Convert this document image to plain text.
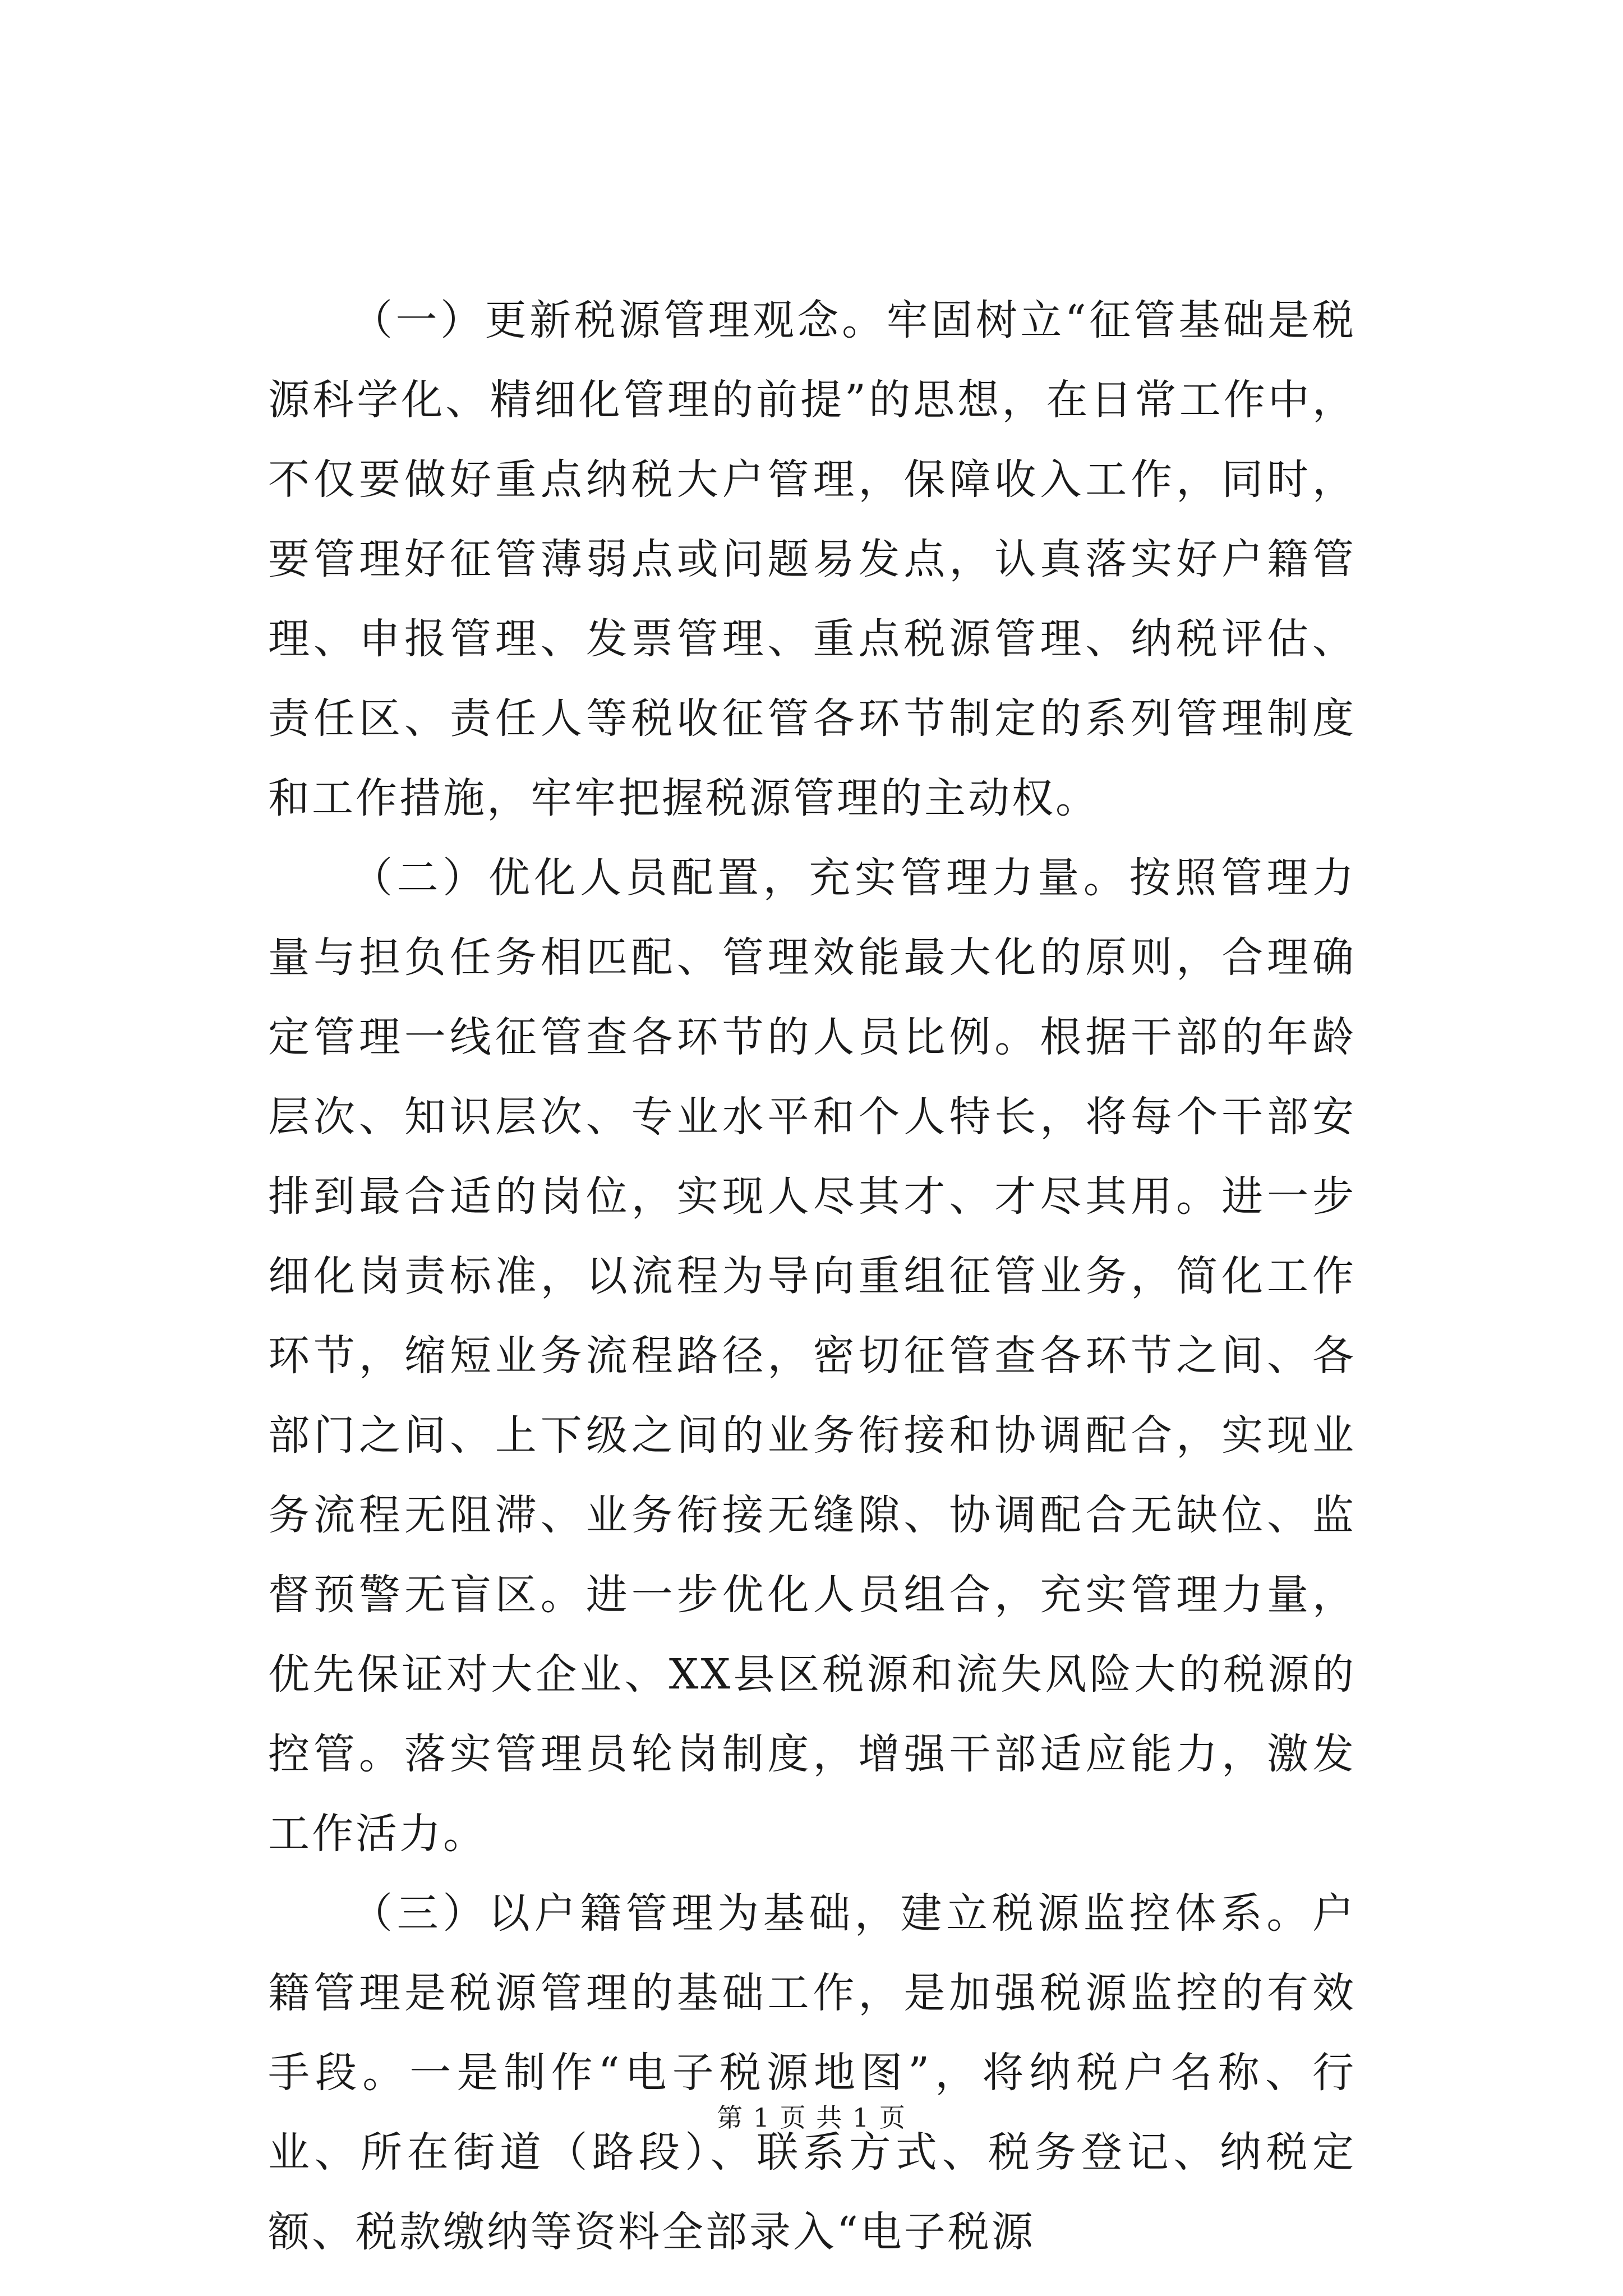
（一）更新税源管理观念。牢固树立“征管基础是税源科学化、精细化管理的前提”的思想，在日常工作中，不仅要做好重点纳税大户管理，保障收入工作，同时，要管理好征管薄弱点或问题易发点，认真落实好户籍管理、申报管理、发票管理、重点税源管理、纳税评估、责任区、责任人等税收征管各环节制定的系列管理制度和工作措施，牢牢把握税源管理的主动权。

（二）优化人员配置，充实管理力量。按照管理力量与担负任务相匹配、管理效能最大化的原则，合理确定管理一线征管查各环节的人员比例。根据干部的年龄层次、知识层次、专业水平和个人特长，将每个干部安排到最合适的岗位，实现人尽其才、才尽其用。进一步细化岗责标准，以流程为导向重组征管业务，简化工作环节，缩短业务流程路径，密切征管查各环节之间、各部门之间、上下级之间的业务衔接和协调配合，实现业务流程无阻滞、业务衔接无缝隙、协调配合无缺位、监督预警无盲区。进一步优化人员组合，充实管理力量，优先保证对大企业、XX县区税源和流失风险大的税源的控管。落实管理员轮岗制度，增强干部适应能力，激发工作活力。

（三）以户籍管理为基础，建立税源监控体系。户籍管理是税源管理的基础工作，是加强税源监控的有效手段。一是制作“电子税源地图”，将纳税户名称、行业、所在街道（路段）、联系方式、税务登记、纳税定额、税款缴纳等资料全部录入“电子税源

第 1 页 共 1 页
